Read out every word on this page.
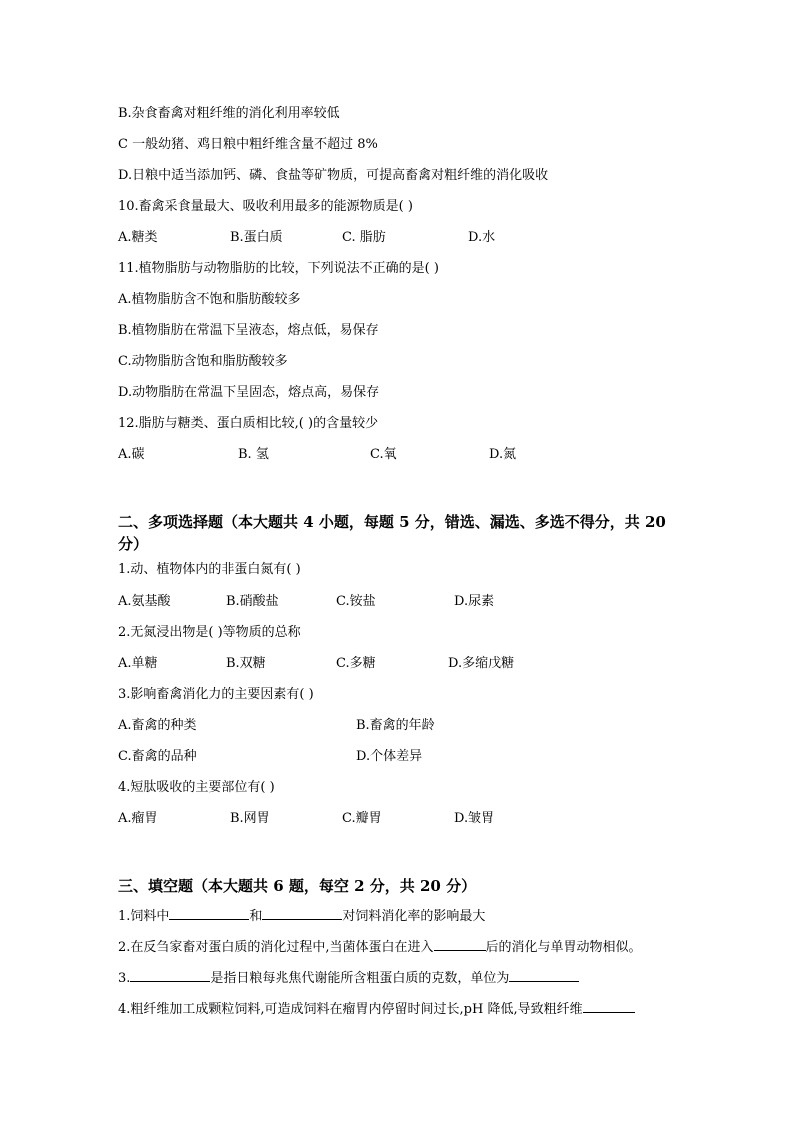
B.杂食畜禽对粗纤维的消化利用率较低
C 一般幼猪、鸡日粮中粗纤维含量不超过 8%
D.日粮中适当添加钙、磷、食盐等矿物质，可提高畜禽对粗纤维的消化吸收
10.畜禽采食量最大、吸收利用最多的能源物质是( )
A.糖类	B.蛋白质	C. 脂肪	D.水
11.植物脂肪与动物脂肪的比较，下列说法不正确的是( )
A.植物脂肪含不饱和脂肪酸较多
B.植物脂肪在常温下呈液态，熔点低，易保存
C.动物脂肪含饱和脂肪酸较多
D.动物脂肪在常温下呈固态，熔点高，易保存
12.脂肪与糖类、蛋白质相比较,( )的含量较少
A.碳	B. 氢	C.氧	D.氮
二、多项选择题（本大题共 4 小题，每题 5 分，错选、漏选、多选不得分，共 20 分）
1.动、植物体内的非蛋白氮有( )
A.氨基酸	B.硝酸盐	C.铵盐	D.尿素
2.无氮浸出物是( )等物质的总称
A.单糖	B.双糖	C.多糖	D.多缩戊糖
3.影响畜禽消化力的主要因素有( )
A.畜禽的种类	B.畜禽的年龄
C.畜禽的品种	D.个体差异
4.短肽吸收的主要部位有( )
A.瘤胃	B.网胃	C.瓣胃	D.皱胃
三、填空题（本大题共 6 题，每空 2 分，共 20 分）
1.饲料中	和	对饲料消化率的影响最大
2.在反刍家畜对蛋白质的消化过程中,当菌体蛋白在进入	后的消化与单胃动物相似。
3.	是指日粮每兆焦代谢能所含粗蛋白质的克数，单位为
4.粗纤维加工成颗粒饲料,可造成饲料在瘤胃内停留时间过长,pH 降低,导致粗纤维
